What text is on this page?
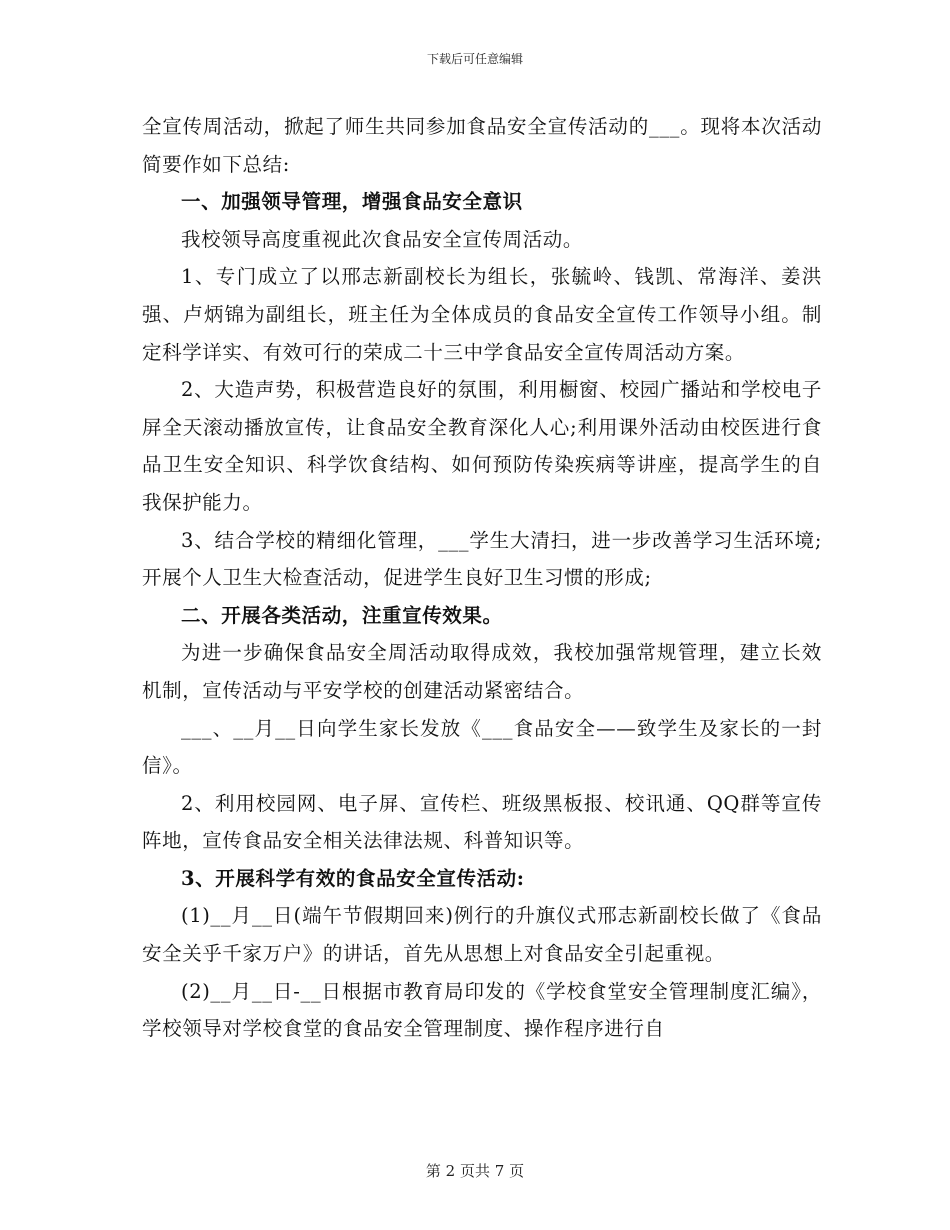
下载后可任意编辑

全宣传周活动，掀起了师生共同参加食品安全宣传活动的___。现将本次活动简要作如下总结:

一、加强领导管理，增强食品安全意识

我校领导高度重视此次食品安全宣传周活动。

1、专门成立了以邢志新副校长为组长，张毓岭、钱凯、常海洋、姜洪强、卢炳锦为副组长，班主任为全体成员的食品安全宣传工作领导小组。制定科学详实、有效可行的荣成二十三中学食品安全宣传周活动方案。

2、大造声势，积极营造良好的氛围，利用橱窗、校园广播站和学校电子屏全天滚动播放宣传，让食品安全教育深化人心;利用课外活动由校医进行食品卫生安全知识、科学饮食结构、如何预防传染疾病等讲座，提高学生的自我保护能力。

3、结合学校的精细化管理，___学生大清扫，进一步改善学习生活环境;开展个人卫生大检查活动，促进学生良好卫生习惯的形成;

二、开展各类活动，注重宣传效果。

为进一步确保食品安全周活动取得成效，我校加强常规管理，建立长效机制，宣传活动与平安学校的创建活动紧密结合。

___、__月__日向学生家长发放《___食品安全——致学生及家长的一封信》。

2、利用校园网、电子屏、宣传栏、班级黑板报、校讯通、QQ群等宣传阵地，宣传食品安全相关法律法规、科普知识等。

3、开展科学有效的食品安全宣传活动:

(1)__月__日(端午节假期回来)例行的升旗仪式邢志新副校长做了《食品安全关乎千家万户》的讲话，首先从思想上对食品安全引起重视。

(2)__月__日-__日根据市教育局印发的《学校食堂安全管理制度汇编》，学校领导对学校食堂的食品安全管理制度、操作程序进行自

第 2 页共 7 页
